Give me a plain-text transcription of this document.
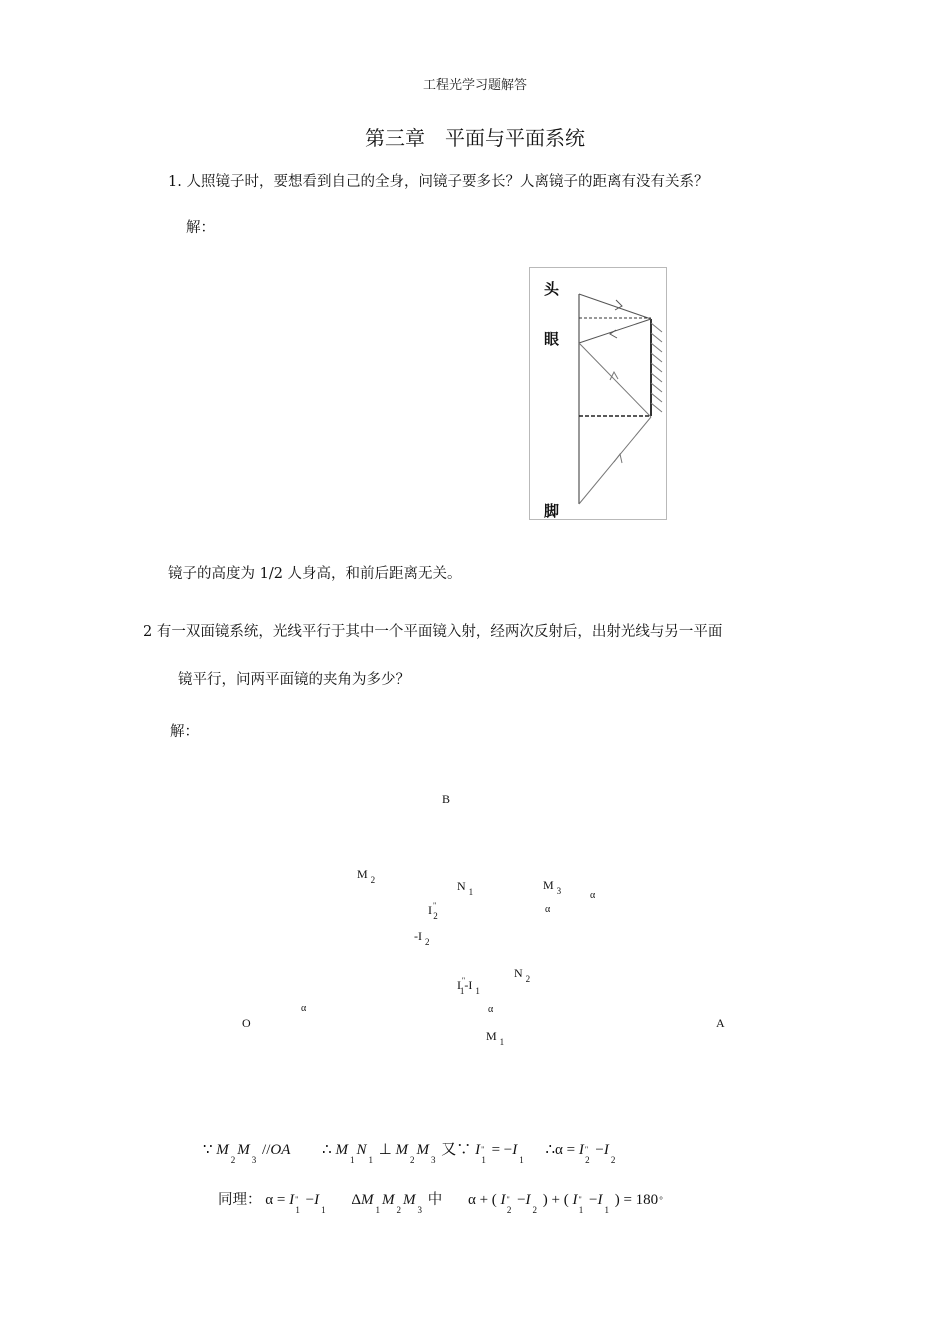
工程光学习题解答
第三章　平面与平面系统
1. 人照镜子时，要想看到自己的全身，问镜子要多长？人离镜子的距离有没有关系？
解：
头
眼
脚
镜子的高度为 1/2 人身高，和前后距离无关。
2 有一双面镜系统，光线平行于其中一个平面镜入射，经两次反射后，出射光线与另一平面
镜平行，问两平面镜的夹角为多少？
解：
B
M $_2$	N $_1$	M $_3$	α
α
$I^"_2$
-I $_2$
N $_2$
$I''_1-I$ $_1$
α	α
O	A
M $_1$
∵ $M_2M_3$ //OA ∴ $M_1N_1$ ⊥ $M_2M_3$ 又∵ $I"_1 = -I_1$ ∴α = $I"_2 -I_2$
同理： $\alpha = I"_1 -I_1$ $\Delta M_1M_2M_3$ 中 α + ( $I"_2 -I_2$ ) + ( $I"_1 -I_1$ ) = 180°
